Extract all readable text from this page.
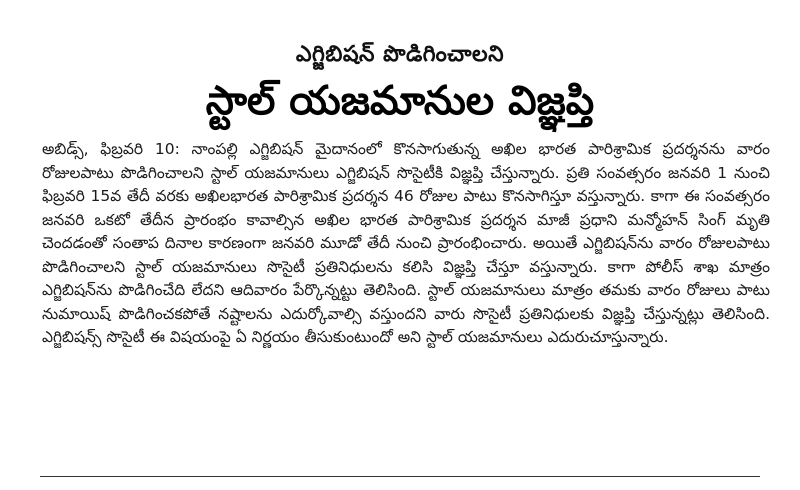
ఎగ్జిబిషన్ పొడిగించాలని
స్టాల్ యజమానుల విజ్ఞప్తి

అబిడ్స్, ఫిబ్రవరి 10: నాంపల్లి ఎగ్జిబిషన్ మైదానంలో కొనసాగుతున్న అఖిల భారత పారిశ్రామిక ప్రదర్శనను వారం రోజులపాటు పొడిగించాలని స్టాల్ యజమానులు ఎగ్జిబిషన్ సొసైటీకి విజ్ఞప్తి చేస్తున్నారు. ప్రతి సంవత్సరం జనవరి 1 నుంచి ఫిబ్రవరి 15వ తేదీ వరకు అఖిలభారత పారిశ్రామిక ప్రదర్శన 46 రోజుల పాటు కొనసాగిస్తూ వస్తున్నారు. కాగా ఈ సంవత్సరం జనవరి ఒకటో తేదీన ప్రారంభం కావాల్సిన అఖిల భారత పారిశ్రామిక ప్రదర్శన మాజీ ప్రధాని మన్మోహన్ సింగ్ మృతి చెందడంతో సంతాప దినాల కారణంగా జనవరి మూడో తేదీ నుంచి ప్రారంభించారు. అయితే ఎగ్జిబిషన్‌ను వారం రోజులపాటు పొడిగించాలని స్టాల్ యజమానులు సొసైటీ ప్రతినిధులను కలిసి విజ్ఞప్తి చేస్తూ వస్తున్నారు. కాగా పోలీస్ శాఖ మాత్రం ఎగ్జిబిషన్‌ను పొడిగించేది లేదని ఆదివారం పేర్కొన్నట్టు తెలిసింది. స్టాల్ యజమానులు మాత్రం తమకు వారం రోజులు పాటు నుమాయిష్ పొడిగించకపోతే నష్టాలను ఎదుర్కోవాల్సి వస్తుందని వారు సొసైటీ ప్రతినిధులకు విజ్ఞప్తి చేస్తున్నట్లు తెలిసింది. ఎగ్జిబిషన్స్ సొసైటీ ఈ విషయంపై ఏ నిర్ణయం తీసుకుంటుందో అని స్టాల్ యజమానులు ఎదురుచూస్తున్నారు.
